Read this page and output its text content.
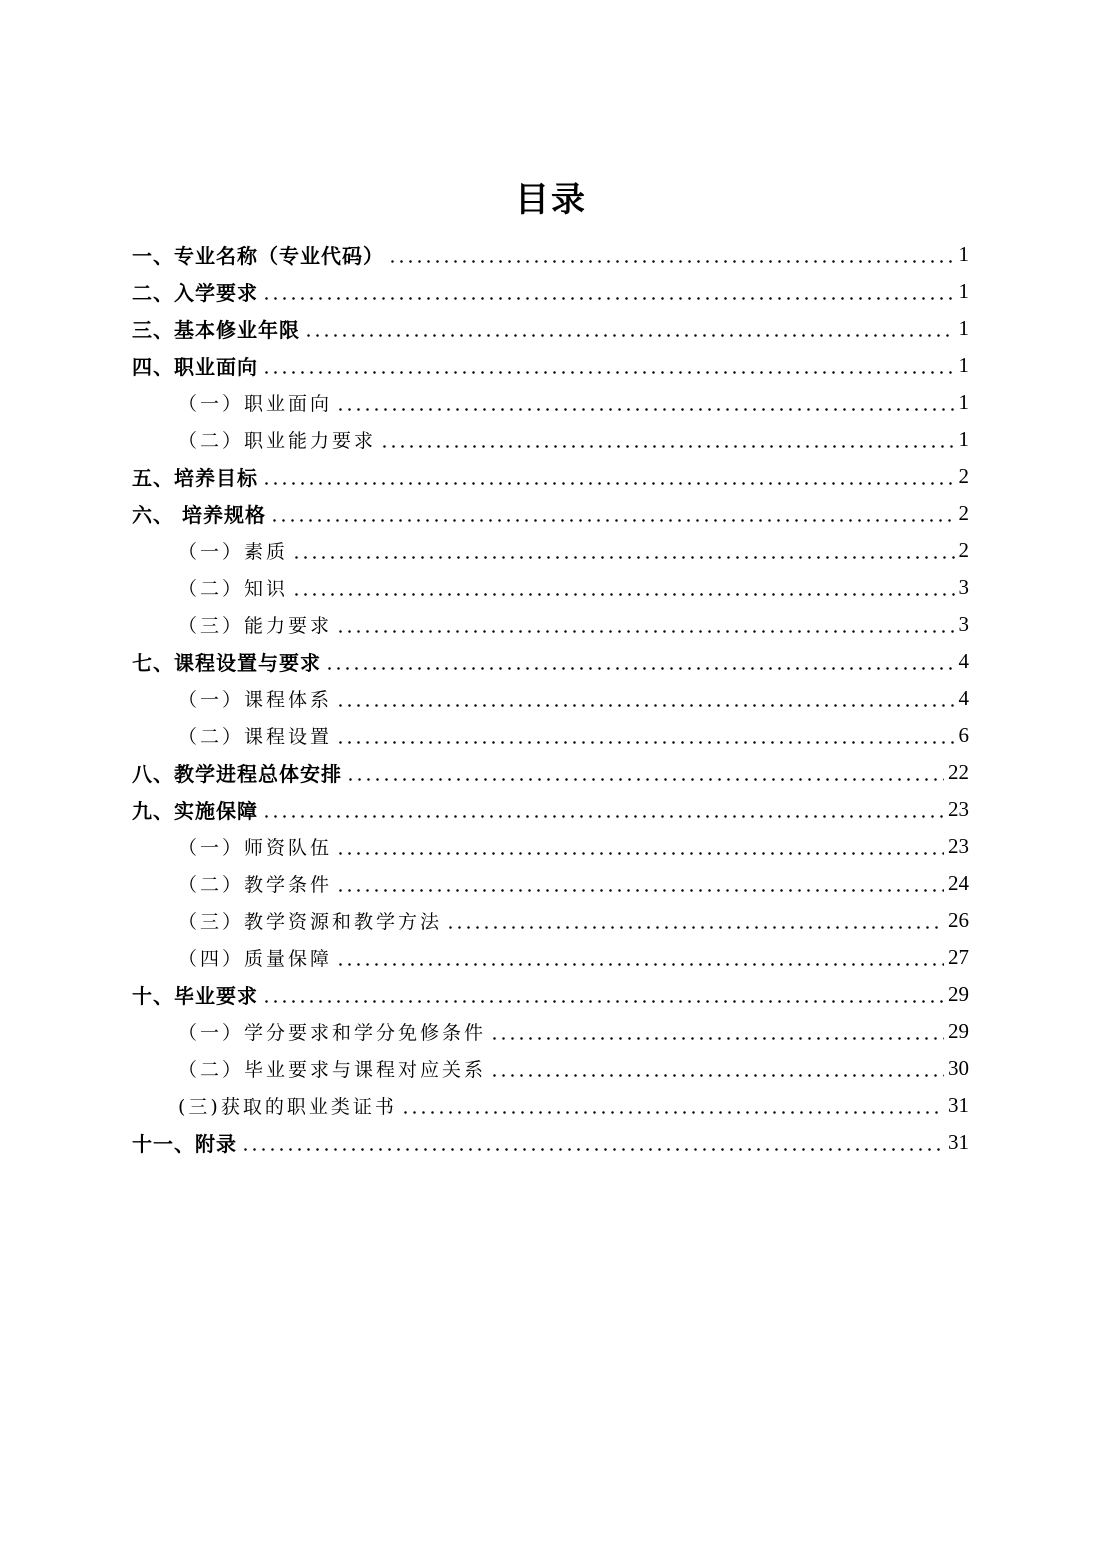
目录
一、专业名称（专业代码）	1
二、入学要求	1
三、基本修业年限	1
四、职业面向	1
（一）职业面向	1
（二）职业能力要求	1
五、培养目标	2
六、 培养规格	2
（一）素质	2
（二）知识	3
（三）能力要求	3
七、课程设置与要求	4
（一）课程体系	4
（二）课程设置	6
八、教学进程总体安排	22
九、实施保障	23
（一）师资队伍	23
（二）教学条件	24
（三）教学资源和教学方法	26
（四）质量保障	27
十、毕业要求	29
（一）学分要求和学分免修条件	29
（二）毕业要求与课程对应关系	30
(三)获取的职业类证书	31
十一、附录	31
